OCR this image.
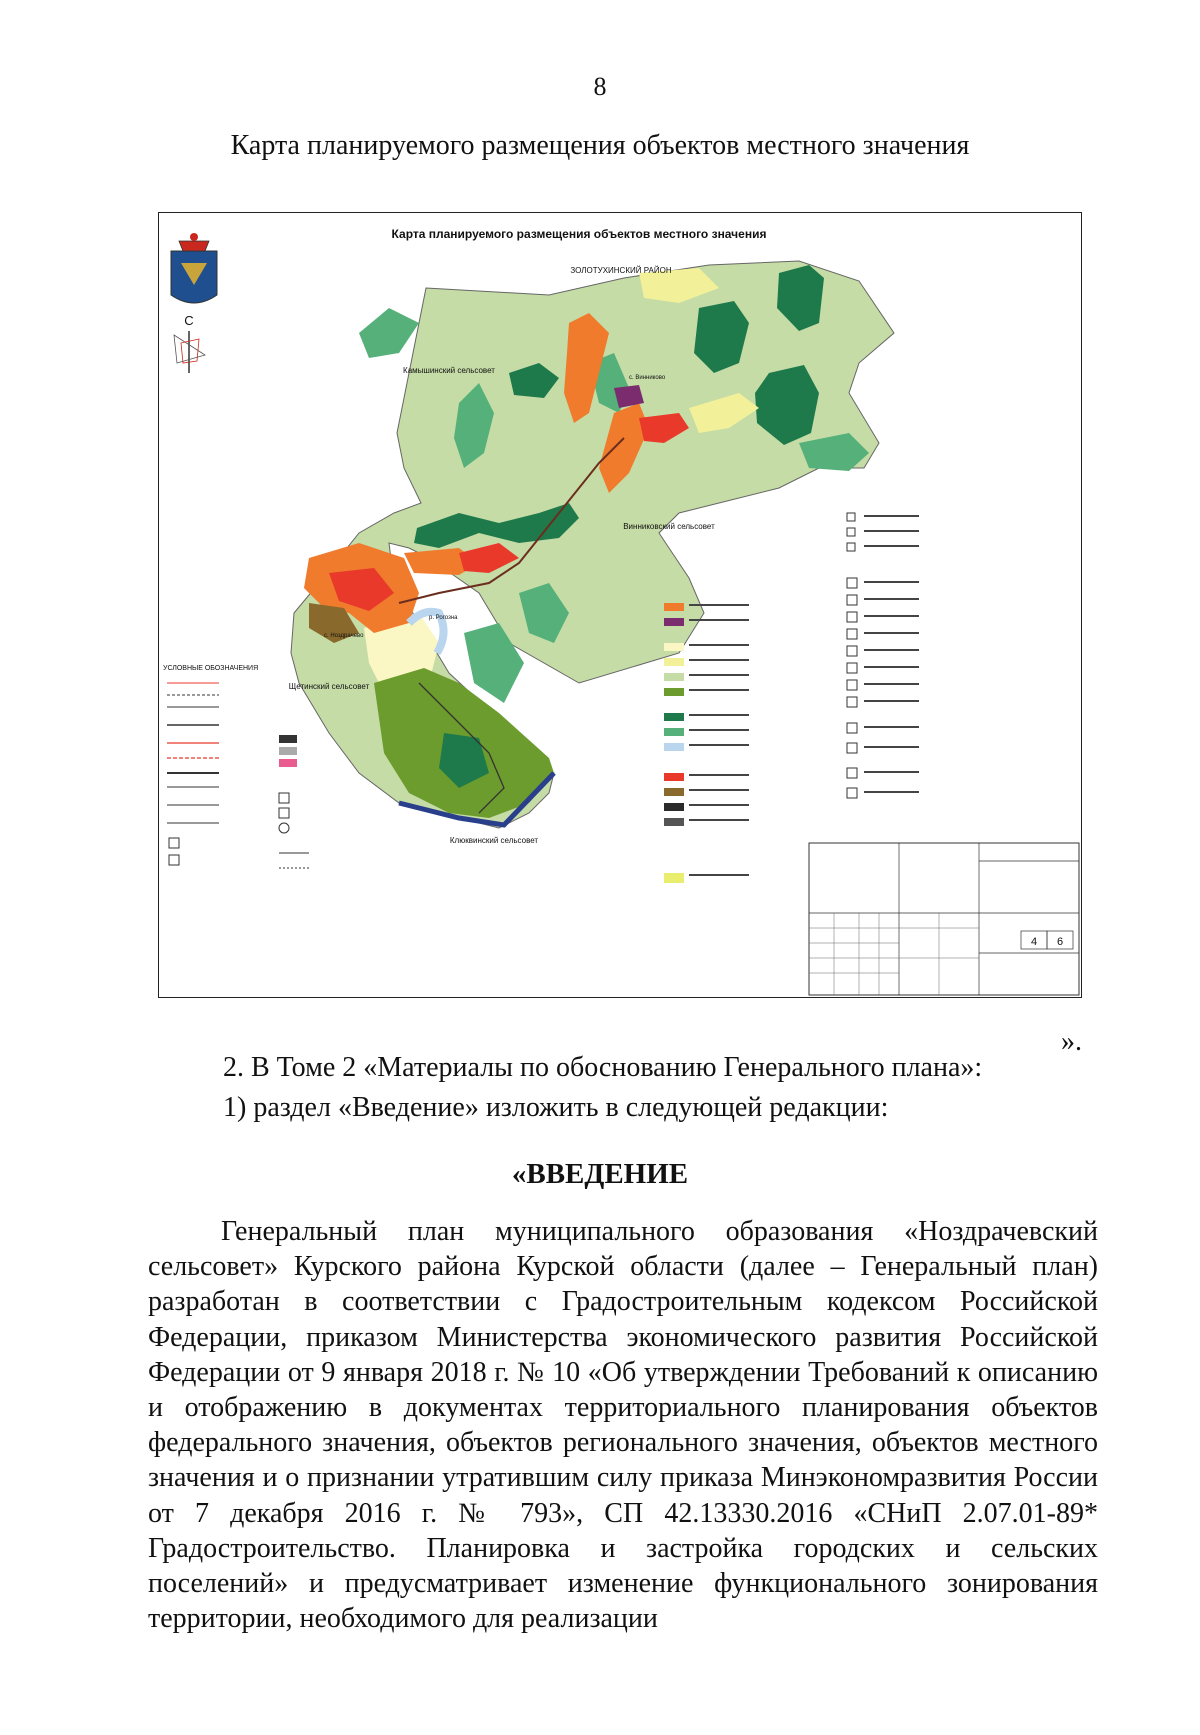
8
Карта планируемого размещения объектов местного значения
Карта планируемого размещения объектов местного значения
С
ЗОЛОТУХИНСКИЙ РАЙОН
Камышинский сельсовет
Винниковский сельсовет
Щетинский сельсовет
Клюквинский сельсовет
с. Винниково
с. Ноздрачево
р. Рогозна
УСЛОВНЫЕ ОБОЗНАЧЕНИЯ
4 6
».
2. В Томе 2 «Материалы по обоснованию Генерального плана»:
1) раздел «Введение» изложить в следующей редакции:
«ВВЕДЕНИЕ

Генеральный план муниципального образования «Ноздрачевский сельсовет» Курского района Курской области (далее – Генеральный план) разработан в соответствии с Градостроительным кодексом Российской Федерации, приказом Министерства экономического развития Российской Федерации от 9 января 2018 г. № 10 «Об утверждении Требований к описанию и отображению в документах территориального планирования объектов федерального значения, объектов регионального значения, объектов местного значения и о признании утратившим силу приказа Минэкономразвития России от 7 декабря 2016 г. № 793», СП 42.13330.2016 «СНиП 2.07.01-89* Градостроительство. Планировка и застройка городских и сельских поселений» и предусматривает изменение функционального зонирования территории, необходимого для реализации
